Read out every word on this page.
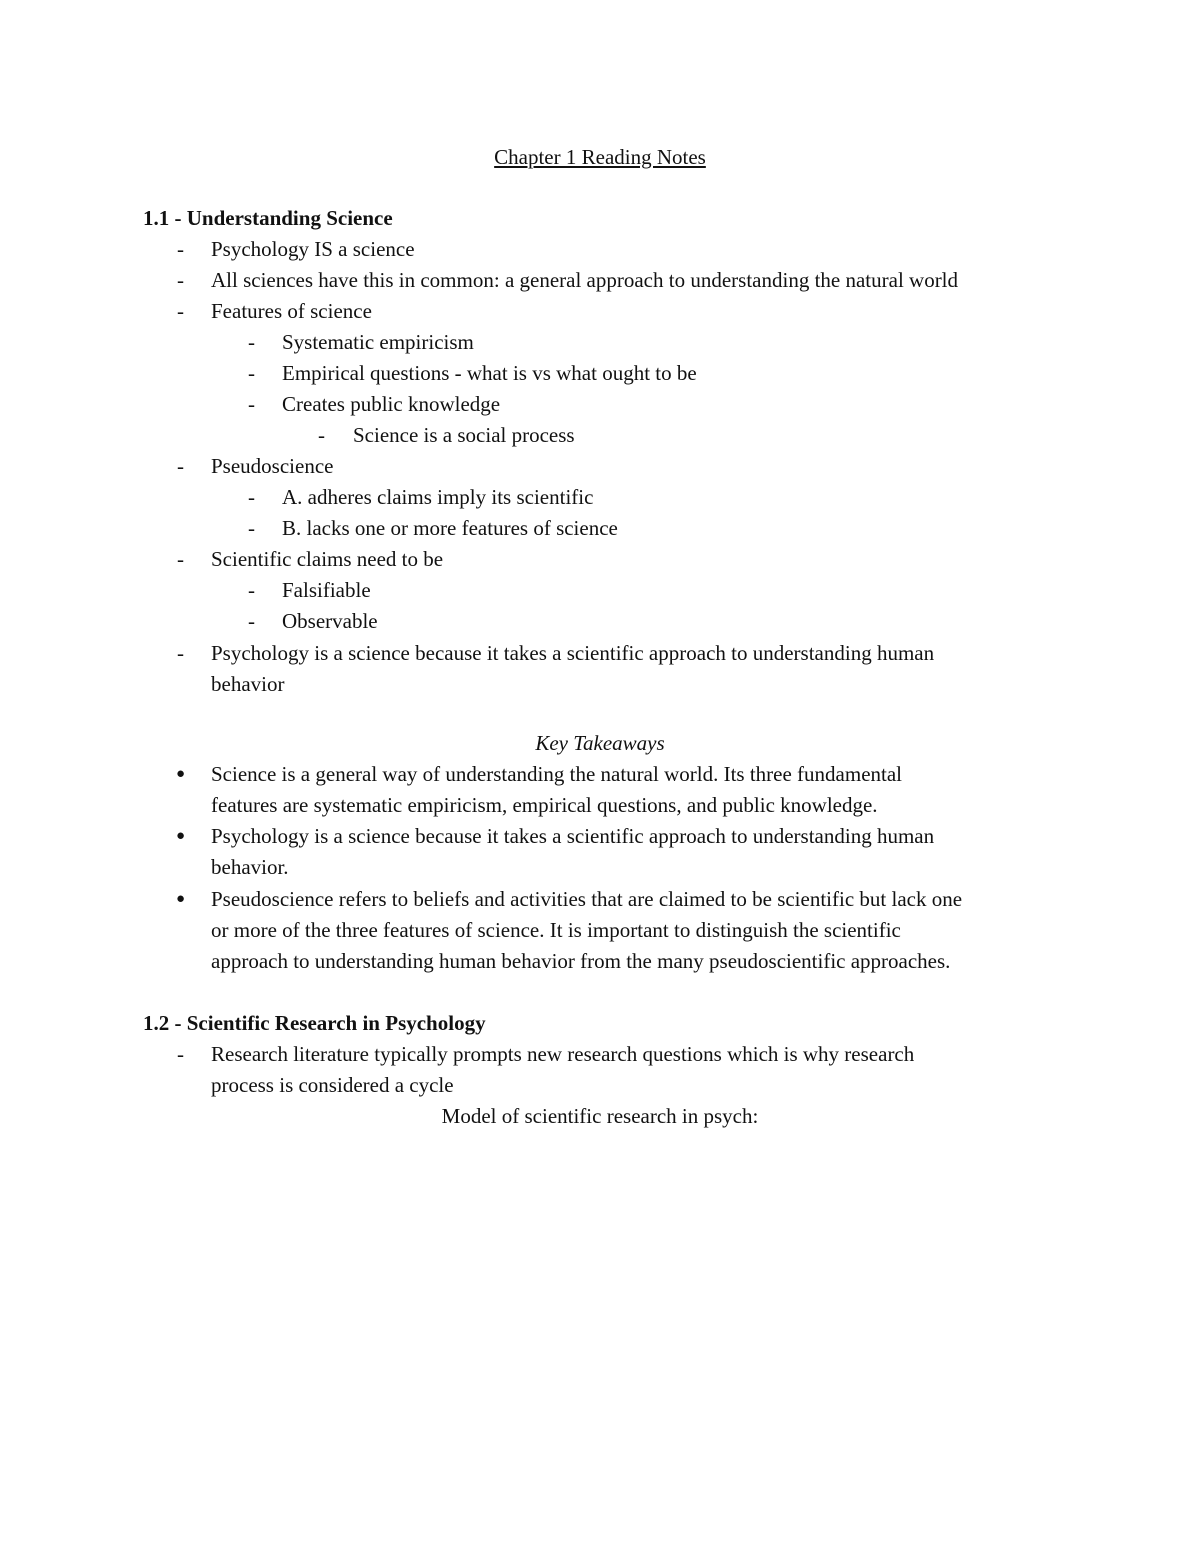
Chapter 1 Reading Notes
1.1 - Understanding Science
- Psychology IS a science
- All sciences have this in common: a general approach to understanding the natural world
- Features of science
- Systematic empiricism
- Empirical questions - what is vs what ought to be
- Creates public knowledge
- Science is a social process
- Pseudoscience
- A. adheres claims imply its scientific
- B. lacks one or more features of science
- Scientific claims need to be
- Falsifiable
- Observable
- Psychology is a science because it takes a scientific approach to understanding human
behavior
Key Takeaways
● Science is a general way of understanding the natural world. Its three fundamental
features are systematic empiricism, empirical questions, and public knowledge.
● Psychology is a science because it takes a scientific approach to understanding human
behavior.
● Pseudoscience refers to beliefs and activities that are claimed to be scientific but lack one
or more of the three features of science. It is important to distinguish the scientific
approach to understanding human behavior from the many pseudoscientific approaches.
1.2 - Scientific Research in Psychology
- Research literature typically prompts new research questions which is why research
process is considered a cycle
Model of scientific research in psych:
